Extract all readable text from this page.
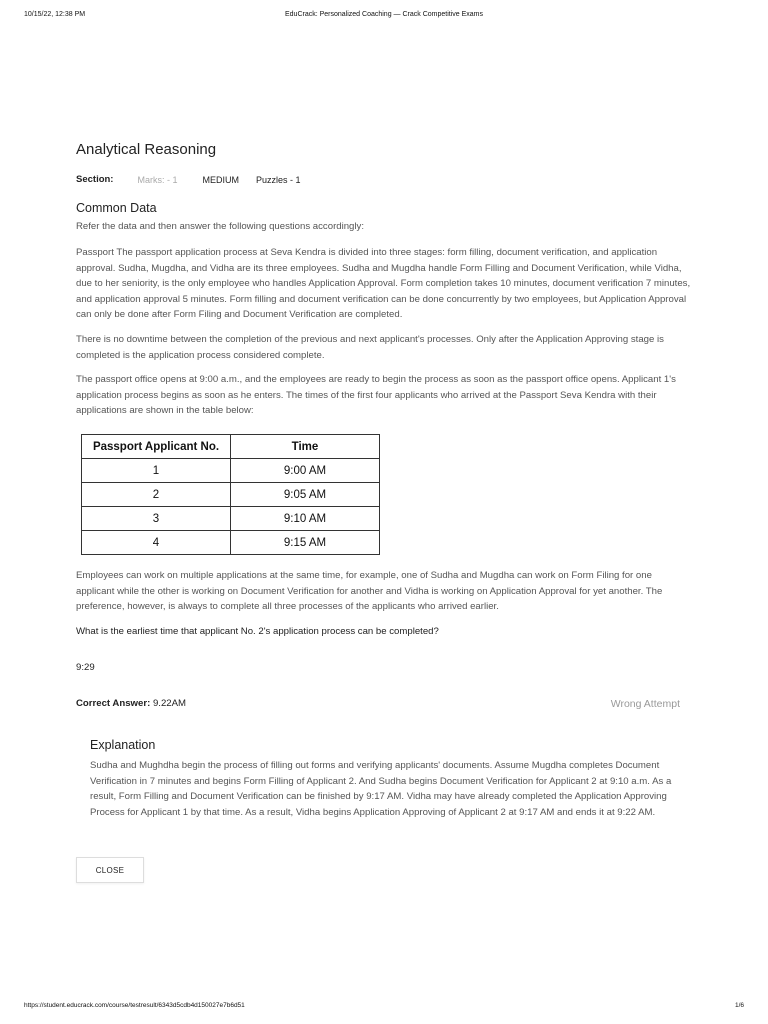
10/15/22, 12:38 PM	EduCrack: Personalized Coaching — Crack Competitive Exams
Analytical Reasoning
Section:	Marks: - 1	MEDIUM Puzzles - 1
Common Data

Refer the data and then answer the following questions accordingly:

Passport The passport application process at Seva Kendra is divided into three stages: form filling, document verification, and application approval. Sudha, Mugdha, and Vidha are its three employees. Sudha and Mugdha handle Form Filling and Document Verification, while Vidha, due to her seniority, is the only employee who handles Application Approval. Form completion takes 10 minutes, document verification 7 minutes, and application approval 5 minutes. Form filling and document verification can be done concurrently by two employees, but Application Approval can only be done after Form Filing and Document Verification are completed.

There is no downtime between the completion of the previous and next applicant's processes. Only after the Application Approving stage is completed is the application process considered complete.

The passport office opens at 9:00 a.m., and the employees are ready to begin the process as soon as the passport office opens. Applicant 1's application process begins as soon as he enters. The times of the first four applicants who arrived at the Passport Seva Kendra with their applications are shown in the table below:

Passport Applicant No.	Time
1	9:00 AM
2	9:05 AM
3	9:10 AM
4	9:15 AM

Employees can work on multiple applications at the same time, for example, one of Sudha and Mugdha can work on Form Filing for one applicant while the other is working on Document Verification for another and Vidha is working on Application Approval for yet another. The preference, however, is always to complete all three processes of the applicants who arrived earlier.

What is the earliest time that applicant No. 2's application process can be completed?

9:29
Correct Answer: 9.22AM	Wrong Attempt
Explanation

Sudha and Mughdha begin the process of filling out forms and verifying applicants' documents. Assume Mugdha completes Document Verification in 7 minutes and begins Form Filling of Applicant 2. And Sudha begins Document Verification for Applicant 2 at 9:10 a.m. As a result, Form Filling and Document Verification can be finished by 9:17 AM. Vidha may have already completed the Application Approving Process for Applicant 1 by that time. As a result, Vidha begins Application Approving of Applicant 2 at 9:17 AM and ends it at 9:22 AM.

CLOSE
https://student.educrack.com/course/testresult/6343d5cdb4d150027e7b6d51	1/6
